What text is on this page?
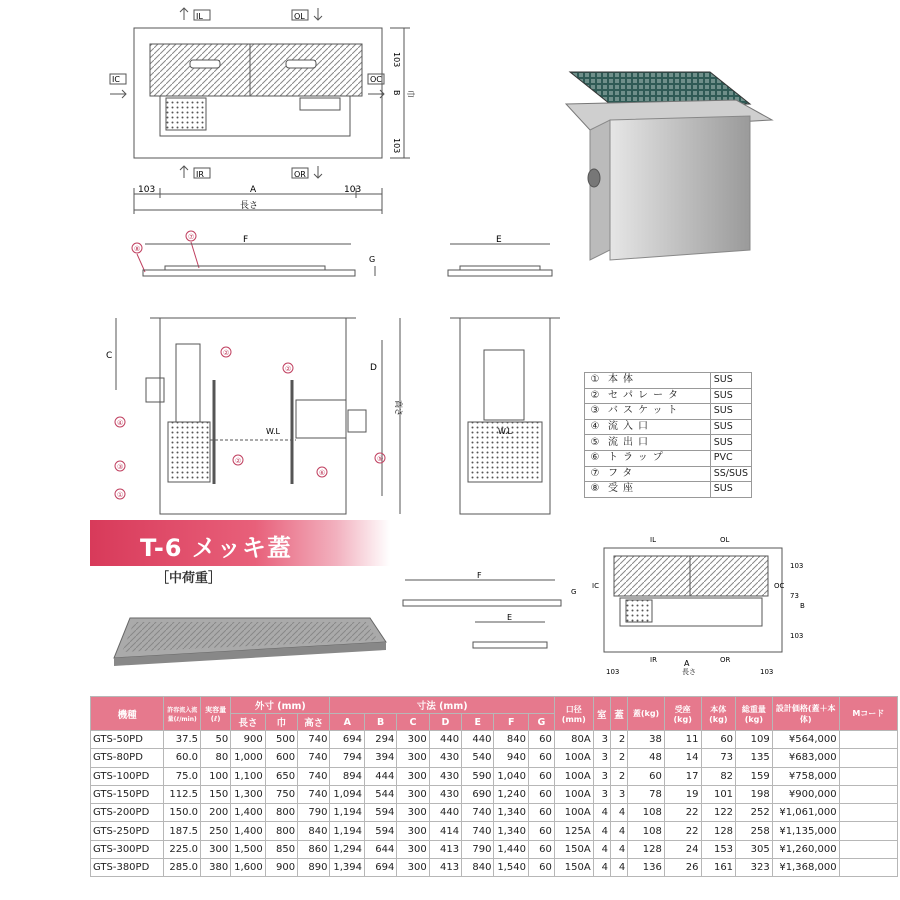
IL	OL
IC	OC
IR	OR
103	A	103
長さ
103
B
103
巾
⑧
⑦	F
G
E
W.L
C
D
高さ
②
②
④
⑤
③
⑥
②
①
W.L
①	本体	SUS
②	セパレータ	SUS
③	バスケット	SUS
④	流入口	SUS
⑤	流出口	SUS
⑥	トラップ	PVC
⑦	フタ	SS/SUS
⑧	受座	SUS
T-6 メッキ蓋
［中荷重］	F
G
E
IL	OL
IC	OC
IR	OR
A
103	103
103
73
103
B
長さ
機種	許容流入流量(ℓ/min)	実容量(ℓ)	外寸 (mm)			寸法 (mm)							口径(mm)	室	蓋	蓋(kg)	受座(kg)	本体(kg)	総重量(kg)	設計価格(蓋＋本体)	Mコード
			長さ	巾	高さ	A	B	C	D	E	F	G									
GTS-50PD	37.5	50	900	500	740	694	294	300	440	440	840	60	80A	3	2	38	11	60	109	¥564,000	
GTS-80PD	60.0	80	1,000	600	740	794	394	300	430	540	940	60	100A	3	2	48	14	73	135	¥683,000	
GTS-100PD	75.0	100	1,100	650	740	894	444	300	430	590	1,040	60	100A	3	2	60	17	82	159	¥758,000	
GTS-150PD	112.5	150	1,300	750	740	1,094	544	300	430	690	1,240	60	100A	3	3	78	19	101	198	¥900,000	
GTS-200PD	150.0	200	1,400	800	790	1,194	594	300	440	740	1,340	60	100A	4	4	108	22	122	252	¥1,061,000	
GTS-250PD	187.5	250	1,400	800	840	1,194	594	300	414	740	1,340	60	125A	4	4	108	22	128	258	¥1,135,000	
GTS-300PD	225.0	300	1,500	850	860	1,294	644	300	413	790	1,440	60	150A	4	4	128	24	153	305	¥1,260,000	
GTS-380PD	285.0	380	1,600	900	890	1,394	694	300	413	840	1,540	60	150A	4	4	136	26	161	323	¥1,368,000	
